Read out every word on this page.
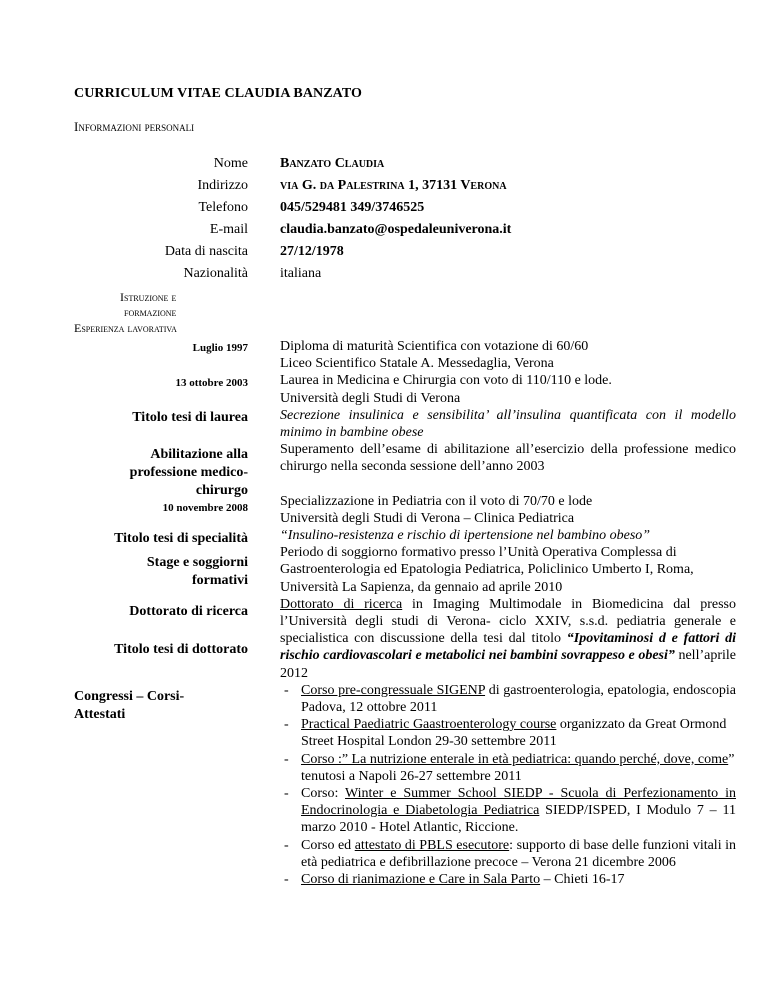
CURRICULUM VITAE CLAUDIA BANZATO
Informazioni personali
Nome
Indirizzo
Telefono
E-mail
Data di nascita
Nazionalità
Banzato Claudia
via G. da Palestrina 1, 37131 Verona
045/529481 349/3746525
claudia.banzato@ospedaleuniverona.it
27/12/1978
italiana
Istruzione e
formazione
Esperienza lavorativa
Luglio 1997
13 ottobre 2003
Titolo tesi di laurea
Abilitazione alla
professione medico-
chirurgo
10 novembre 2008
Titolo tesi di specialità
Stage e soggiorni
formativi
Dottorato di ricerca
Titolo tesi di dottorato
Congressi – Corsi-
Attestati

Diploma di maturità Scientifica con votazione di 60/60

Liceo Scientifico Statale A. Messedaglia, Verona

Laurea in Medicina e Chirurgia con voto di 110/110 e lode.

Università degli Studi di Verona

Secrezione insulinica e sensibilita’ all’insulina quantificata con il modello minimo in bambine obese

Superamento dell’esame di abilitazione all’esercizio della professione medico chirurgo nella seconda sessione dell’anno 2003

Specializzazione in Pediatria con il voto di 70/70 e lode

Università degli Studi di Verona – Clinica Pediatrica

“Insulino-resistenza e rischio di ipertensione nel bambino obeso”

Periodo di soggiorno formativo presso l’Unità Operativa Complessa di Gastroenterologia ed Epatologia Pediatrica, Policlinico Umberto I, Roma, Università La Sapienza, da gennaio ad aprile 2010

Dottorato di ricerca in Imaging Multimodale in Biomedicina dal presso l’Università degli studi di Verona- ciclo XXIV, s.s.d. pediatria generale e specialistica con discussione della tesi dal titolo “Ipovitaminosi d e fattori di rischio cardiovascolari e metabolici nei bambini sovrappeso e obesi” nell’aprile 2012

- Corso pre-congressuale SIGENP di gastroenterologia, epatologia, endoscopia Padova, 12 ottobre 2011
- Practical Paediatric Gaastroenterology course organizzato da Great Ormond Street Hospital London 29-30 settembre 2011
- Corso :” La nutrizione enterale in età pediatrica: quando perché, dove, come” tenutosi a Napoli 26-27 settembre 2011
- Corso: Winter e Summer School SIEDP - Scuola di Perfezionamento in Endocrinologia e Diabetologia Pediatrica SIEDP/ISPED, I Modulo 7 – 11 marzo 2010 - Hotel Atlantic, Riccione.
- Corso ed attestato di PBLS esecutore: supporto di base delle funzioni vitali in età pediatrica e defibrillazione precoce – Verona 21 dicembre 2006
- Corso di rianimazione e Care in Sala Parto – Chieti 16-17
